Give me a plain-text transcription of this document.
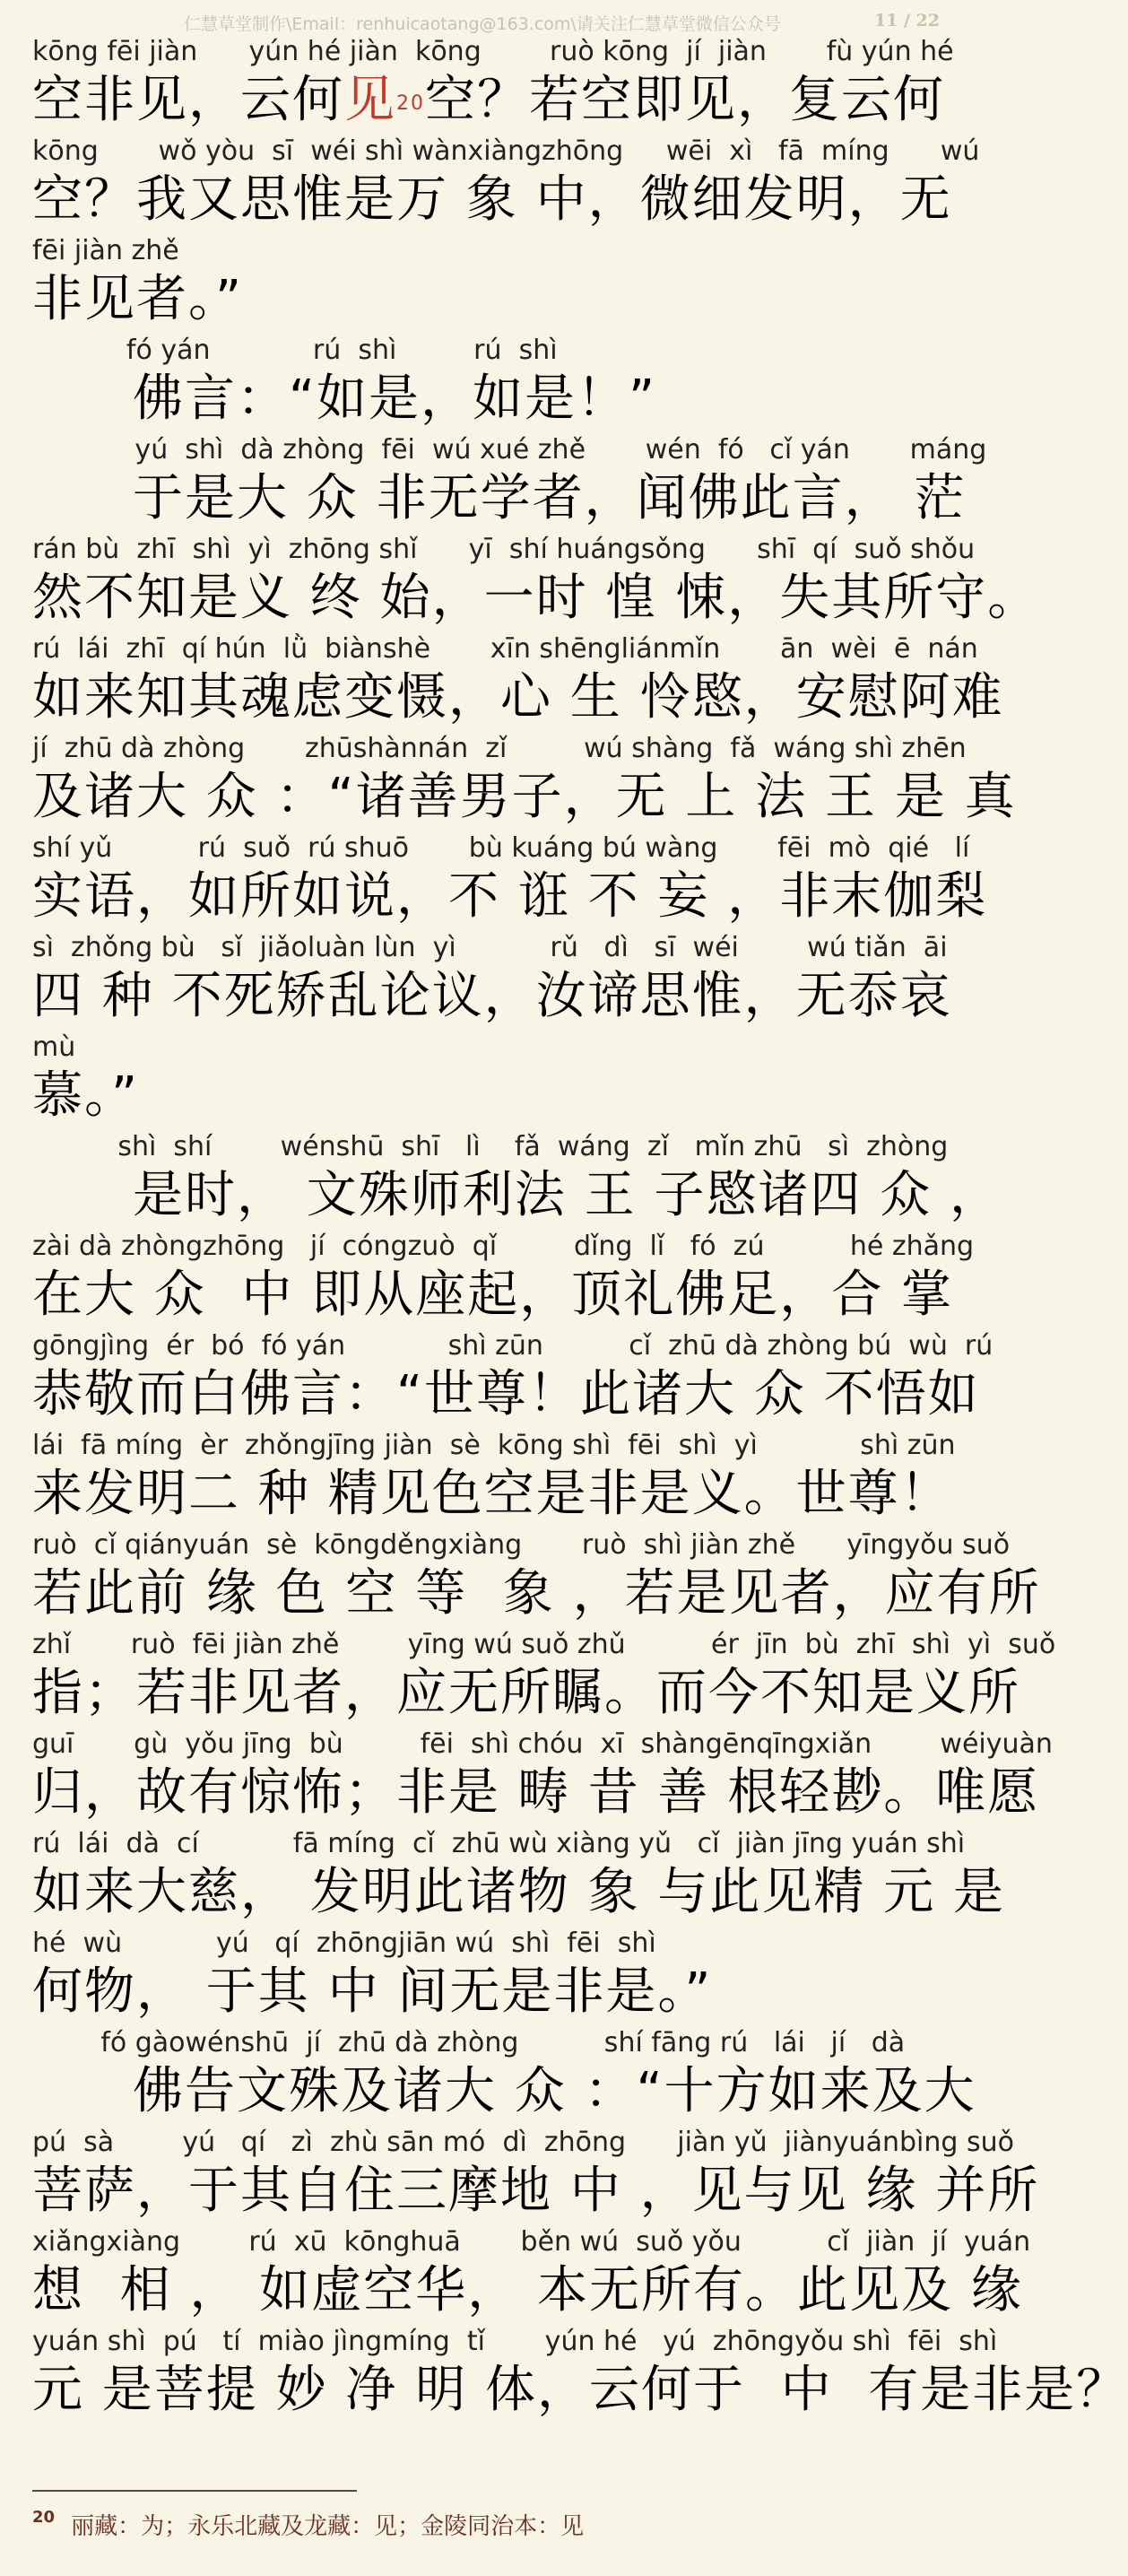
仁慧草堂制作\Email：renhuicaotang@163.com\请关注仁慧草堂微信公众号	11 / 22
kōng fēi jiàn      yún hé jiàn  kōng        ruò kōng  jí  jiàn       fù yún hé
空非见，云何见$^{20}$空？若空即见，复云何
kōng       wǒ yòu  sī  wéi shì wànxiàngzhōng     wēi  xì   fā  míng      wú
空？我又思惟是万 象 中，微细发明，无
fēi jiàn zhě
非见者。”
fó yán            rú  shì         rú  shì
佛言：“如是，如是！”
yú  shì  dà zhòng  fēi  wú xué zhě       wén  fó   cǐ yán       máng
于是大 众 非无学者，闻佛此言， 茫
rán bù  zhī  shì  yì  zhōng shǐ      yī  shí huángsǒng      shī  qí  suǒ shǒu
然不知是义 终 始，一时 惶 悚，失其所守。
rú  lái  zhī  qí hún  lǜ  biànshè       xīn shēngliánmǐn       ān  wèi  ē  nán
如来知其魂虑变慑，心 生 怜愍，安慰阿难
jí  zhū dà zhòng       zhūshànnán  zǐ         wú shàng  fǎ  wáng shì zhēn
及诸大 众 ：“诸善男子，无 上 法 王 是 真
shí yǔ          rú  suǒ  rú shuō       bù kuáng bú wàng       fēi  mò  qié   lí
实语，如所如说，不 诳 不 妄 ，非末伽梨
sì  zhǒng bù   sǐ  jiǎoluàn lùn  yì           rǔ   dì   sī  wéi        wú tiǎn  āi
四 种 不死矫乱论议，汝谛思惟，无忝哀
mù
慕。”
shì  shí        wénshū  shī   lì    fǎ  wáng  zǐ   mǐn zhū   sì  zhòng
是时， 文殊师利法 王 子愍诸四 众 ，
zài dà zhòngzhōng   jí  cóngzuò  qǐ         dǐng  lǐ   fó  zú          hé zhǎng
在大 众  中 即从座起，顶礼佛足，合 掌
gōngjìng  ér  bó  fó yán            shì zūn          cǐ  zhū dà zhòng bú  wù  rú
恭敬而白佛言：“世尊！此诸大 众 不悟如
lái  fā míng  èr  zhǒngjīng jiàn  sè  kōng shì  fēi  shì  yì            shì zūn
来发明二 种 精见色空是非是义。世尊！
ruò  cǐ qiányuán  sè  kōngděngxiàng       ruò  shì jiàn zhě      yīngyǒu suǒ
若此前 缘 色 空 等  象 ，若是见者，应有所
zhǐ       ruò  fēi jiàn zhě        yīng wú suǒ zhǔ          ér  jīn  bù  zhī  shì  yì  suǒ
指；若非见者，应无所瞩。而今不知是义所
guī       gù  yǒu jīng  bù         fēi  shì chóu  xī  shàngēnqīngxiǎn        wéiyuàn
归，故有惊怖；非是 畴 昔 善 根轻尠。唯愿
rú  lái  dà  cí           fā míng  cǐ  zhū wù xiàng yǔ   cǐ  jiàn jīng yuán shì
如来大慈， 发明此诸物 象 与此见精 元 是
hé  wù           yú   qí  zhōngjiān wú  shì  fēi  shì
何物， 于其 中 间无是非是。”
fó gàowénshū  jí  zhū dà zhòng          shí fāng rú   lái   jí   dà
佛告文殊及诸大 众 ：“十方如来及大
pú  sà        yú   qí   zì  zhù sān mó  dì  zhōng      jiàn yǔ  jiànyuánbìng suǒ
菩萨，于其自住三摩地 中 ，见与见 缘 并所
xiǎngxiàng        rú  xū  kōnghuā       běn wú  suǒ yǒu          cǐ  jiàn  jí  yuán
想  相 ， 如虚空华， 本无所有。此见及 缘
yuán shì  pú   tí  miào jìngmíng  tǐ       yún hé   yú  zhōngyǒu shì  fēi  shì
元 是菩提 妙 净 明 体，云何于  中  有是非是？
$^{20}$ 丽藏：为；永乐北藏及龙藏：见；金陵同治本：见
